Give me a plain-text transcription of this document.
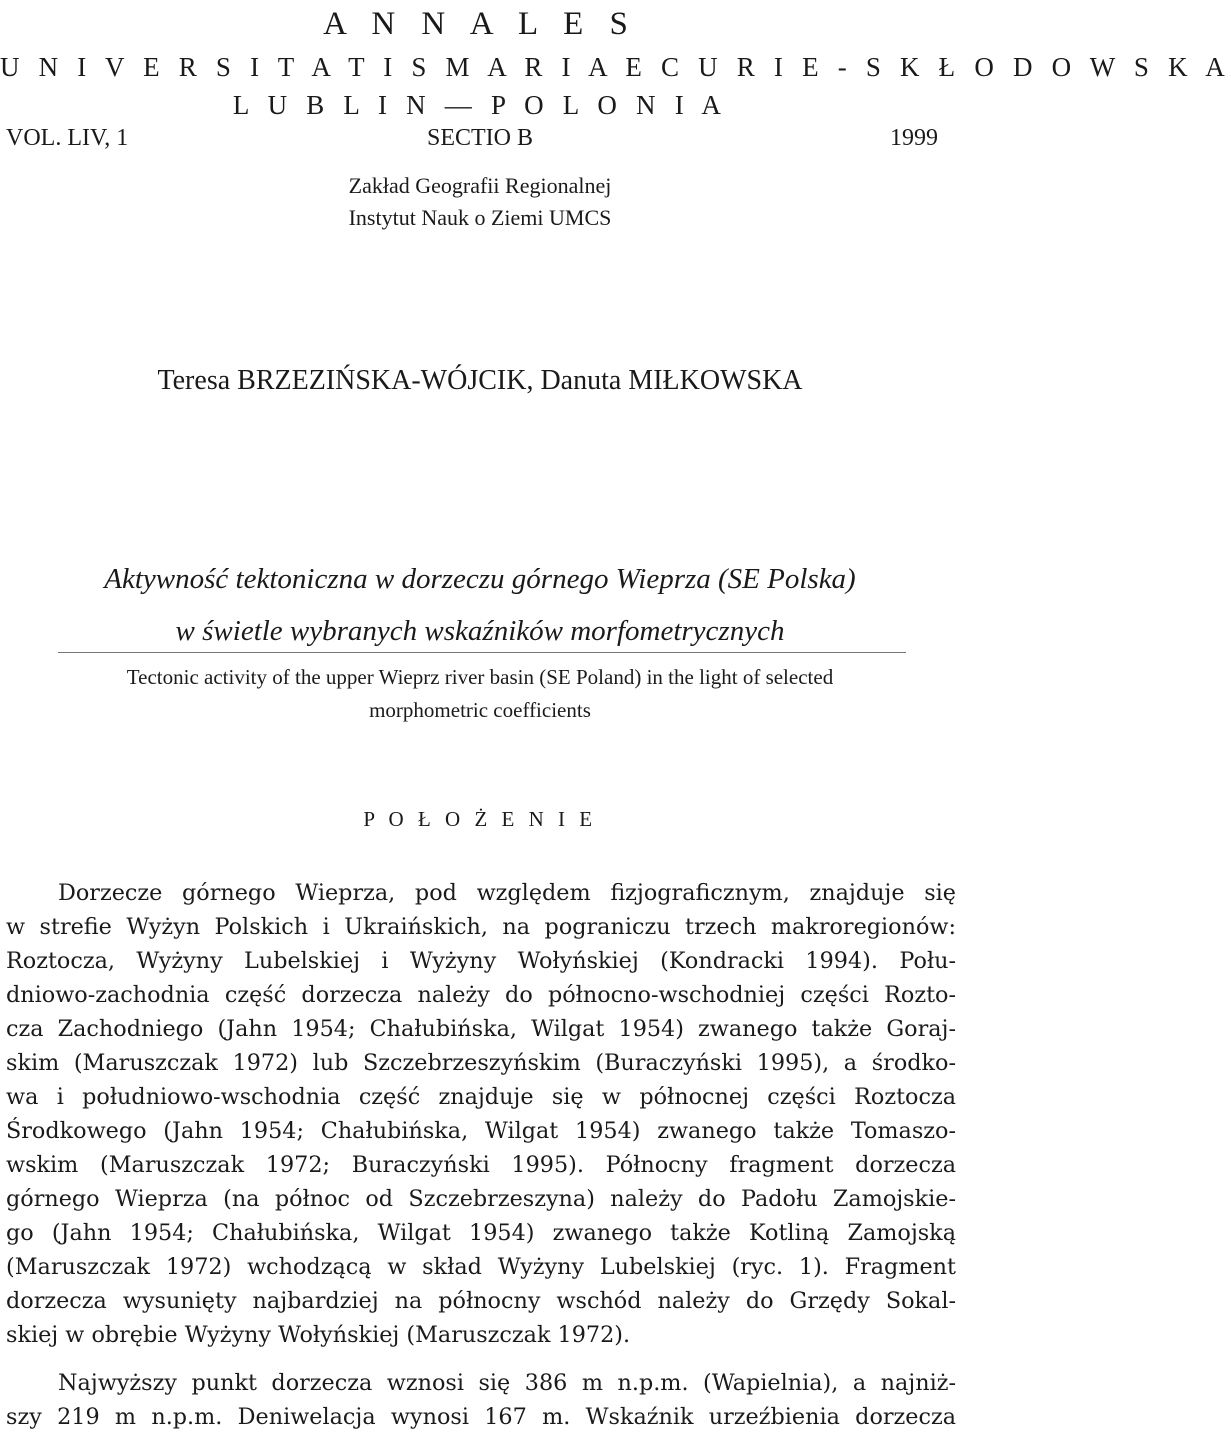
A N N A L E S
U N I V E R S I T A T I S M A R I A E C U R I E - S K Ł O D O W S K A
L U B L I N — P O L O N I A
VOL. LIV, 1	SECTIO B	1999
Zakład Geografii Regionalnej
Instytut Nauk o Ziemi UMCS
Teresa BRZEZIŃSKA-WÓJCIK, Danuta MIŁKOWSKA
Aktywność tektoniczna w dorzeczu górnego Wieprza (SE Polska)
w świetle wybranych wskaźników morfometrycznych
Tectonic activity of the upper Wieprz river basin (SE Poland) in the light of selected
morphometric coefficients
P O Ł O Ż E N I E
Dorzecze górnego Wieprza, pod względem fizjograficznym, znajduje się
w strefie Wyżyn Polskich i Ukraińskich, na pograniczu trzech makroregionów:
Roztocza, Wyżyny Lubelskiej i Wyżyny Wołyńskiej (Kondracki 1994). Połu-
dniowo-zachodnia część dorzecza należy do północno-wschodniej części Rozto-
cza Zachodniego (Jahn 1954; Chałubińska, Wilgat 1954) zwanego także Goraj-
skim (Maruszczak 1972) lub Szczebrzeszyńskim (Buraczyński 1995), a środko-
wa i południowo-wschodnia część znajduje się w północnej części Roztocza
Środkowego (Jahn 1954; Chałubińska, Wilgat 1954) zwanego także Tomaszo-
wskim (Maruszczak 1972; Buraczyński 1995). Północny fragment dorzecza
górnego Wieprza (na północ od Szczebrzeszyna) należy do Padołu Zamojskie-
go (Jahn 1954; Chałubińska, Wilgat 1954) zwanego także Kotliną Zamojską
(Maruszczak 1972) wchodzącą w skład Wyżyny Lubelskiej (ryc. 1). Fragment
dorzecza wysunięty najbardziej na północny wschód należy do Grzędy Sokal-
skiej w obrębie Wyżyny Wołyńskiej (Maruszczak 1972).
Najwyższy punkt dorzecza wznosi się 386 m n.p.m. (Wapielnia), a najniż-
szy 219 m n.p.m. Deniwelacja wynosi 167 m. Wskaźnik urzeźbienia dorzecza
